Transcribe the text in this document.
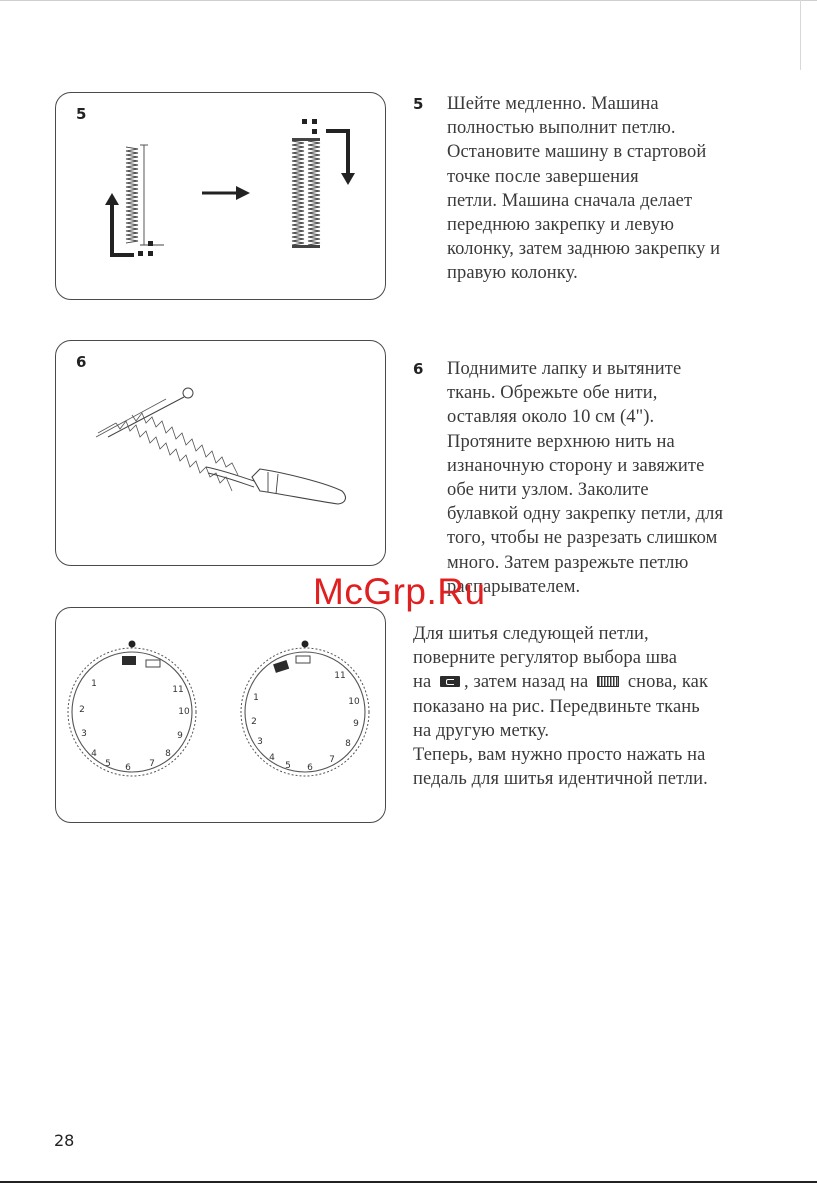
5
6
1
2
3
4
5 6 7
8
9
10
11
1
2
3
4
5 6
7
8
9
10
11
5 Шейте медленно. Машина
полностью выполнит петлю.
Остановите машину в стартовой
точке после завершения
петли. Машина сначала делает
переднюю закрепку и левую
колонку, затем заднюю закрепку и
правую колонку.
6 Поднимите лапку и вытяните
ткань. Обрежьте обе нити,
оставляя около 10 см (4").
Протяните верхнюю нить на
изнаночную сторону и завяжите
обе нити узлом. Заколите
булавкой одну закрепку петли, для
того, чтобы не разрезать слишком
много. Затем разрежьте петлю
распарывателем.
Для шитья следующей петли,
поверните регулятор выбора шва
на , затем назад на снова, как
показано на рис. Передвиньте ткань
на другую метку.
Теперь, вам нужно просто нажать на
педаль для шитья идентичной петли.
McGrp.Ru
28
